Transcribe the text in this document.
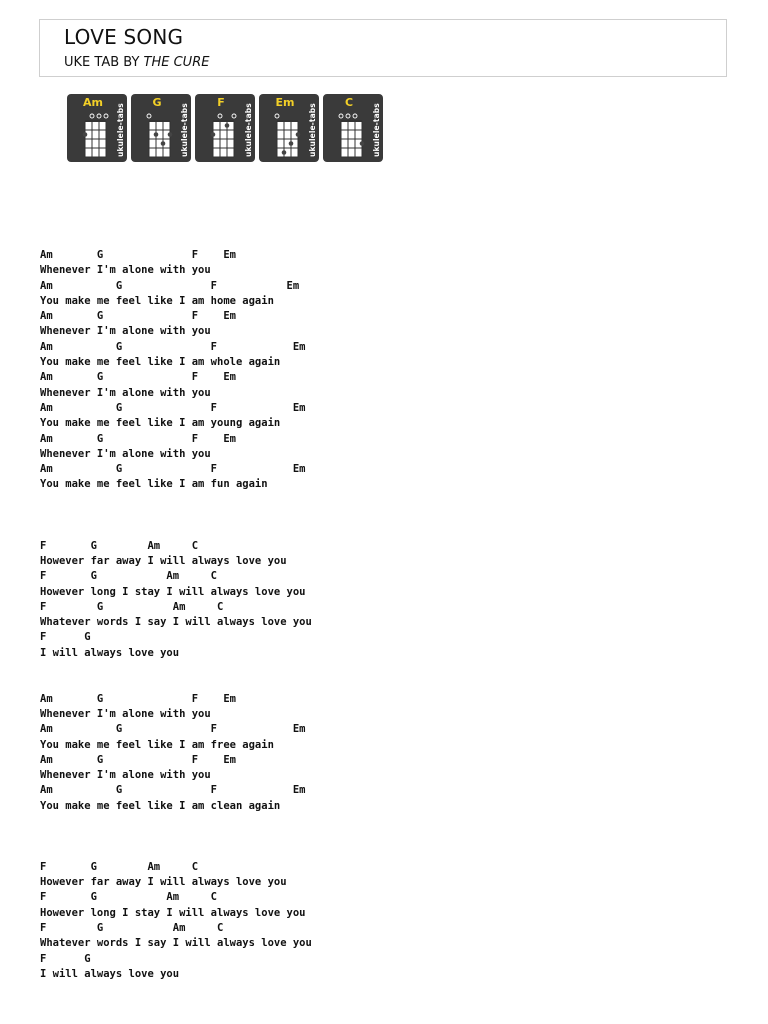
LOVE SONG
UKE TAB BY THE CURE
Am
ukulele-tabs
G
ukulele-tabs
F
ukulele-tabs
Em
ukulele-tabs
C
ukulele-tabs
Am       G              F    Em
Whenever I'm alone with you
Am          G              F           Em
You make me feel like I am home again
Am       G              F    Em
Whenever I'm alone with you
Am          G              F            Em
You make me feel like I am whole again
Am       G              F    Em
Whenever I'm alone with you
Am          G              F            Em
You make me feel like I am young again
Am       G              F    Em
Whenever I'm alone with you
Am          G              F            Em
You make me feel like I am fun again
F       G        Am     C
However far away I will always love you
F       G           Am     C
However long I stay I will always love you
F        G           Am     C
Whatever words I say I will always love you
F      G
I will always love you
Am       G              F    Em
Whenever I'm alone with you
Am          G              F            Em
You make me feel like I am free again
Am       G              F    Em
Whenever I'm alone with you
Am          G              F            Em
You make me feel like I am clean again
F       G        Am     C
However far away I will always love you
F       G           Am     C
However long I stay I will always love you
F        G           Am     C
Whatever words I say I will always love you
F      G
I will always love you
